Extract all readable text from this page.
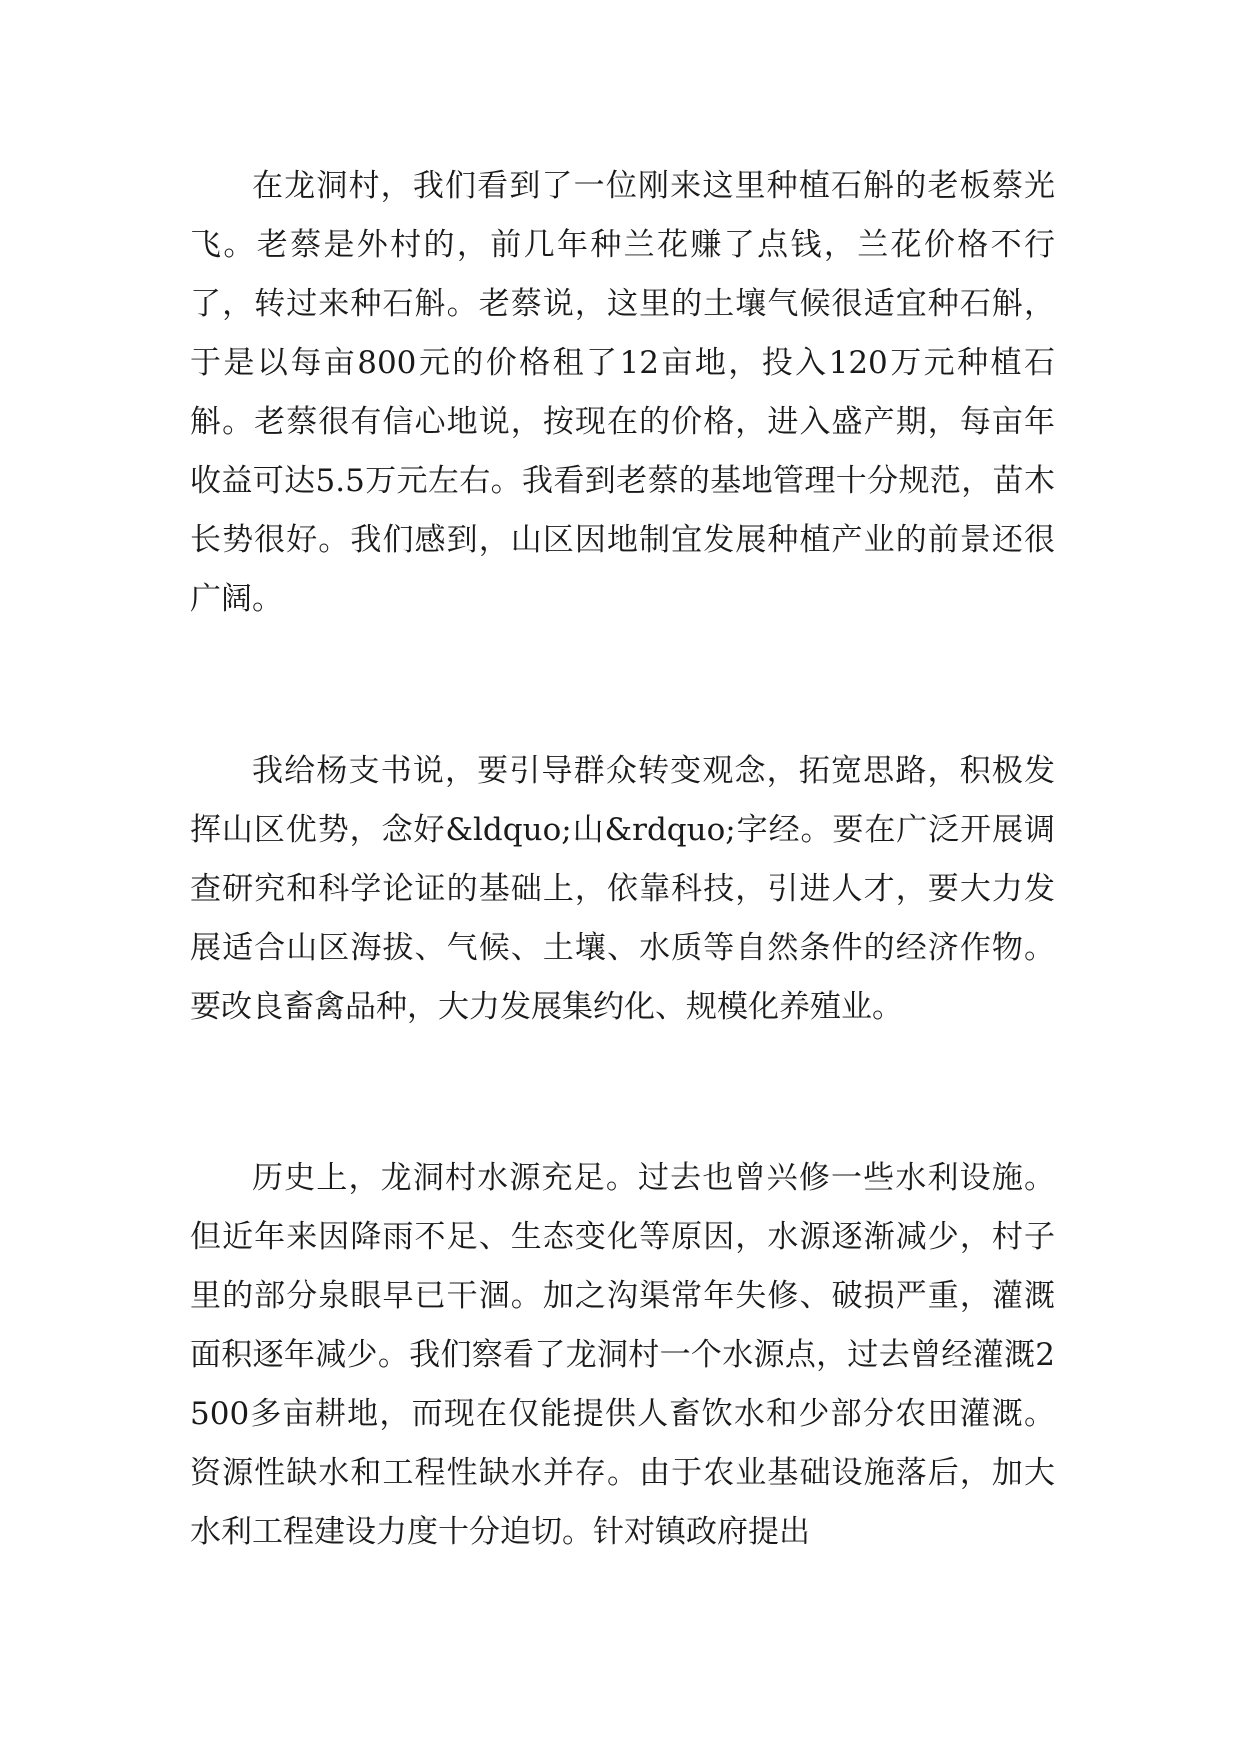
在龙洞村，我们看到了一位刚来这里种植石斛的老板蔡光飞。老蔡是外村的，前几年种兰花赚了点钱，兰花价格不行了，转过来种石斛。老蔡说，这里的土壤气候很适宜种石斛，于是以每亩800元的价格租了12亩地，投入120万元种植石斛。老蔡很有信心地说，按现在的价格，进入盛产期，每亩年收益可达5.5万元左右。我看到老蔡的基地管理十分规范，苗木长势很好。我们感到，山区因地制宜发展种植产业的前景还很广阔。

我给杨支书说，要引导群众转变观念，拓宽思路，积极发挥山区优势，念好&ldquo;山&rdquo;字经。要在广泛开展调查研究和科学论证的基础上，依靠科技，引进人才，要大力发展适合山区海拔、气候、土壤、水质等自然条件的经济作物。要改良畜禽品种，大力发展集约化、规模化养殖业。

历史上，龙洞村水源充足。过去也曾兴修一些水利设施。但近年来因降雨不足、生态变化等原因，水源逐渐减少，村子里的部分泉眼早已干涸。加之沟渠常年失修、破损严重，灌溉面积逐年减少。我们察看了龙洞村一个水源点，过去曾经灌溉2500多亩耕地，而现在仅能提供人畜饮水和少部分农田灌溉。资源性缺水和工程性缺水并存。由于农业基础设施落后，加大水利工程建设力度十分迫切。针对镇政府提出
